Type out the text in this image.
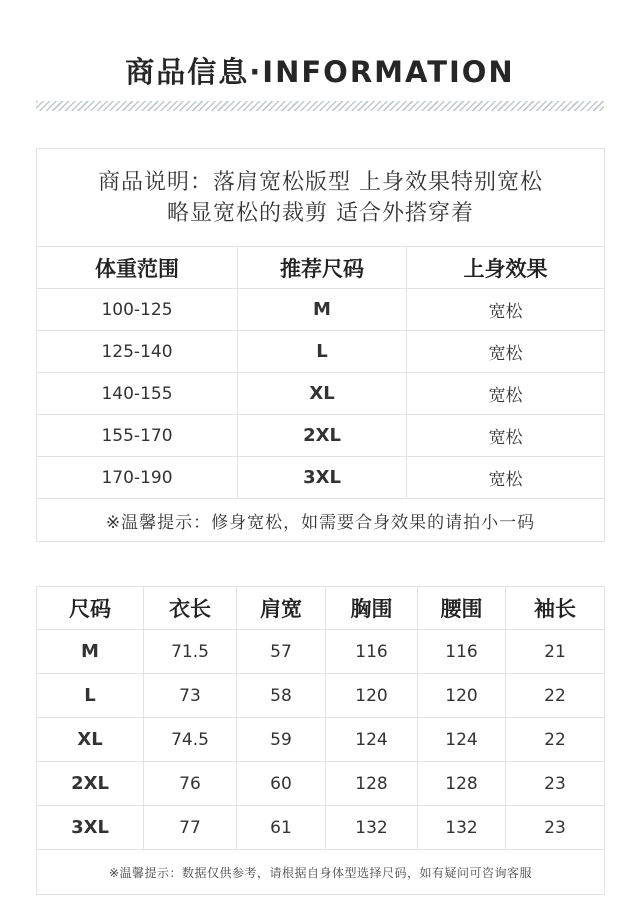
商品信息·INFORMATION
商品说明：落肩宽松版型 上身效果特别宽松
略显宽松的裁剪 适合外搭穿着		

体重范围	推荐尺码	上身效果
100-125	M	宽松
125-140	L	宽松
140-155	XL	宽松
155-170	2XL	宽松
170-190	3XL	宽松
※温馨提示：修身宽松，如需要合身效果的请拍小一码		
尺码	衣长	肩宽	胸围	腰围	袖长
M	71.5	57	116	116	21
L	73	58	120	120	22
XL	74.5	59	124	124	22
2XL	76	60	128	128	23
3XL	77	61	132	132	23
※温馨提示：数据仅供参考，请根据自身体型选择尺码，如有疑问可咨询客服					
